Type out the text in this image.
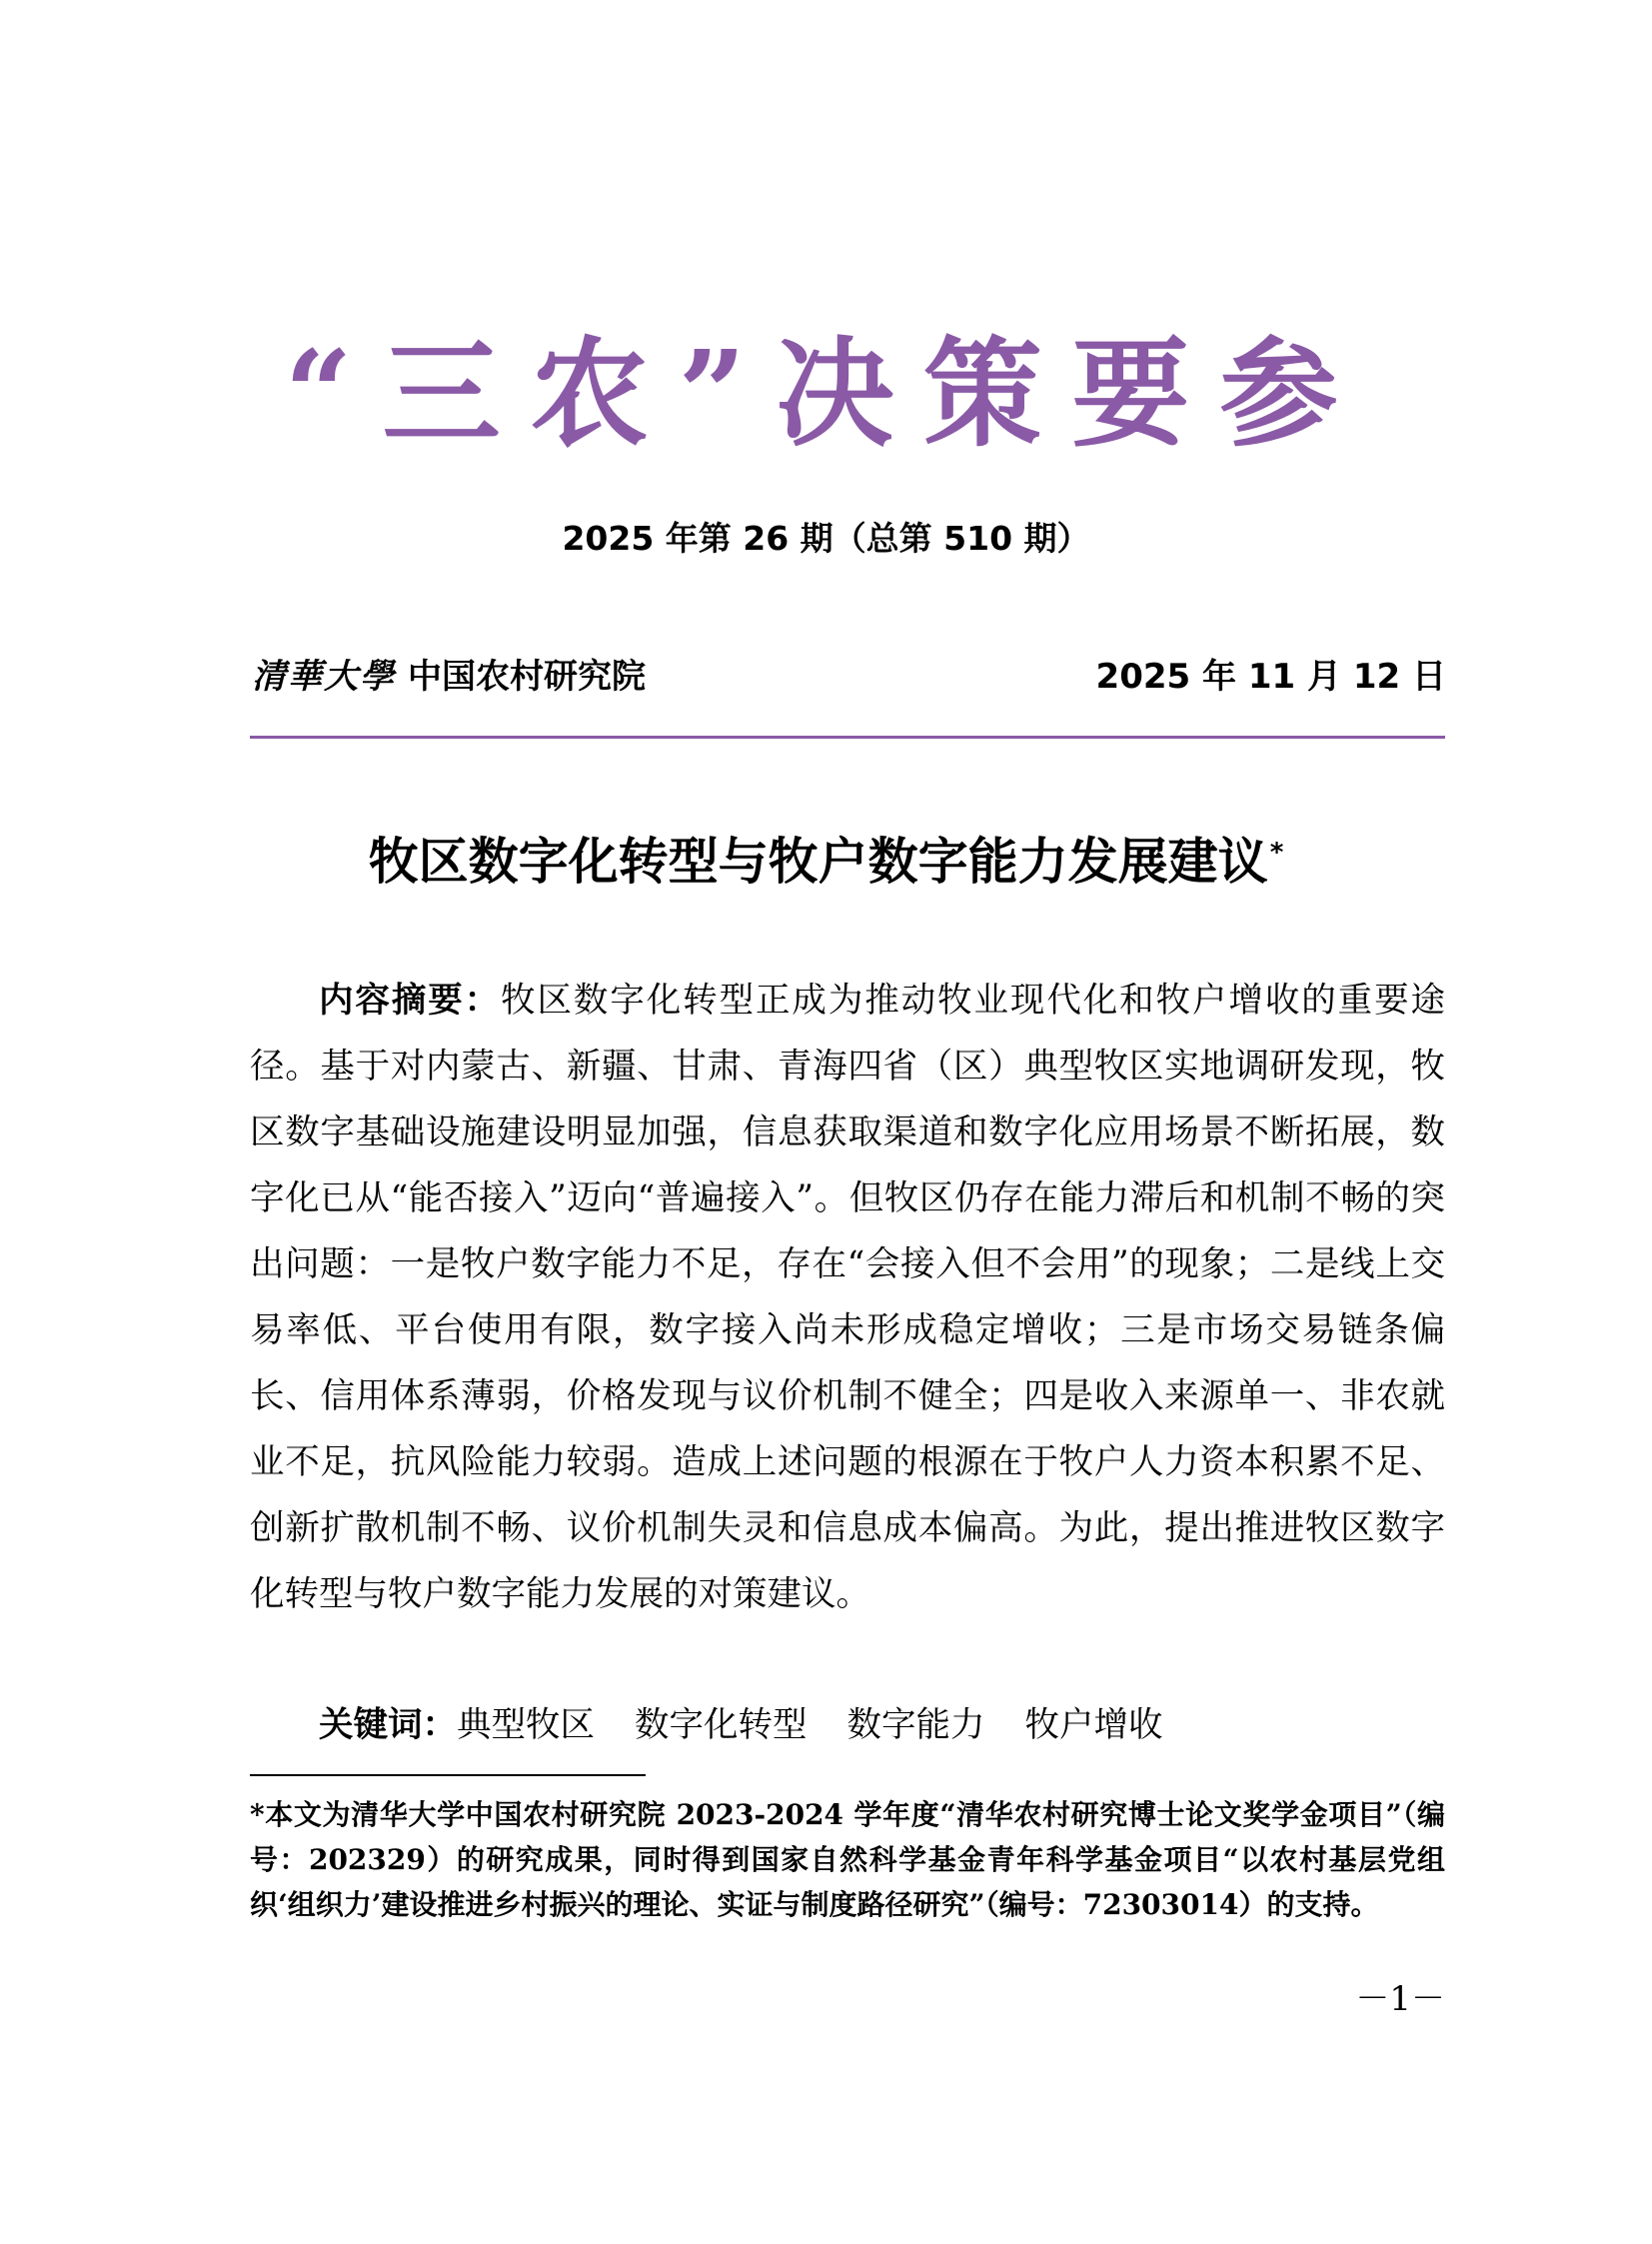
“三农”决策要参
2025 年第 26 期（总第 510 期）
清華大學 中国农村研究院	2025 年 11 月 12 日
牧区数字化转型与牧户数字能力发展建议*

内容摘要：牧区数字化转型正成为推动牧业现代化和牧户增收的重要途径。基于对内蒙古、新疆、甘肃、青海四省（区）典型牧区实地调研发现，牧区数字基础设施建设明显加强，信息获取渠道和数字化应用场景不断拓展，数字化已从“能否接入”迈向“普遍接入”。但牧区仍存在能力滞后和机制不畅的突出问题：一是牧户数字能力不足，存在“会接入但不会用”的现象；二是线上交易率低、平台使用有限，数字接入尚未形成稳定增收；三是市场交易链条偏长、信用体系薄弱，价格发现与议价机制不健全；四是收入来源单一、非农就业不足，抗风险能力较弱。造成上述问题的根源在于牧户人力资本积累不足、创新扩散机制不畅、议价机制失灵和信息成本偏高。为此，提出推进牧区数字化转型与牧户数字能力发展的对策建议。

关键词：典型牧区 数字化转型 数字能力 牧户增收

*本文为清华大学中国农村研究院 2023-2024 学年度“清华农村研究博士论文奖学金项目”（编号：202329）的研究成果，同时得到国家自然科学基金青年科学基金项目“以农村基层党组织‘组织力’建设推进乡村振兴的理论、实证与制度路径研究”（编号：72303014）的支持。

－1－
